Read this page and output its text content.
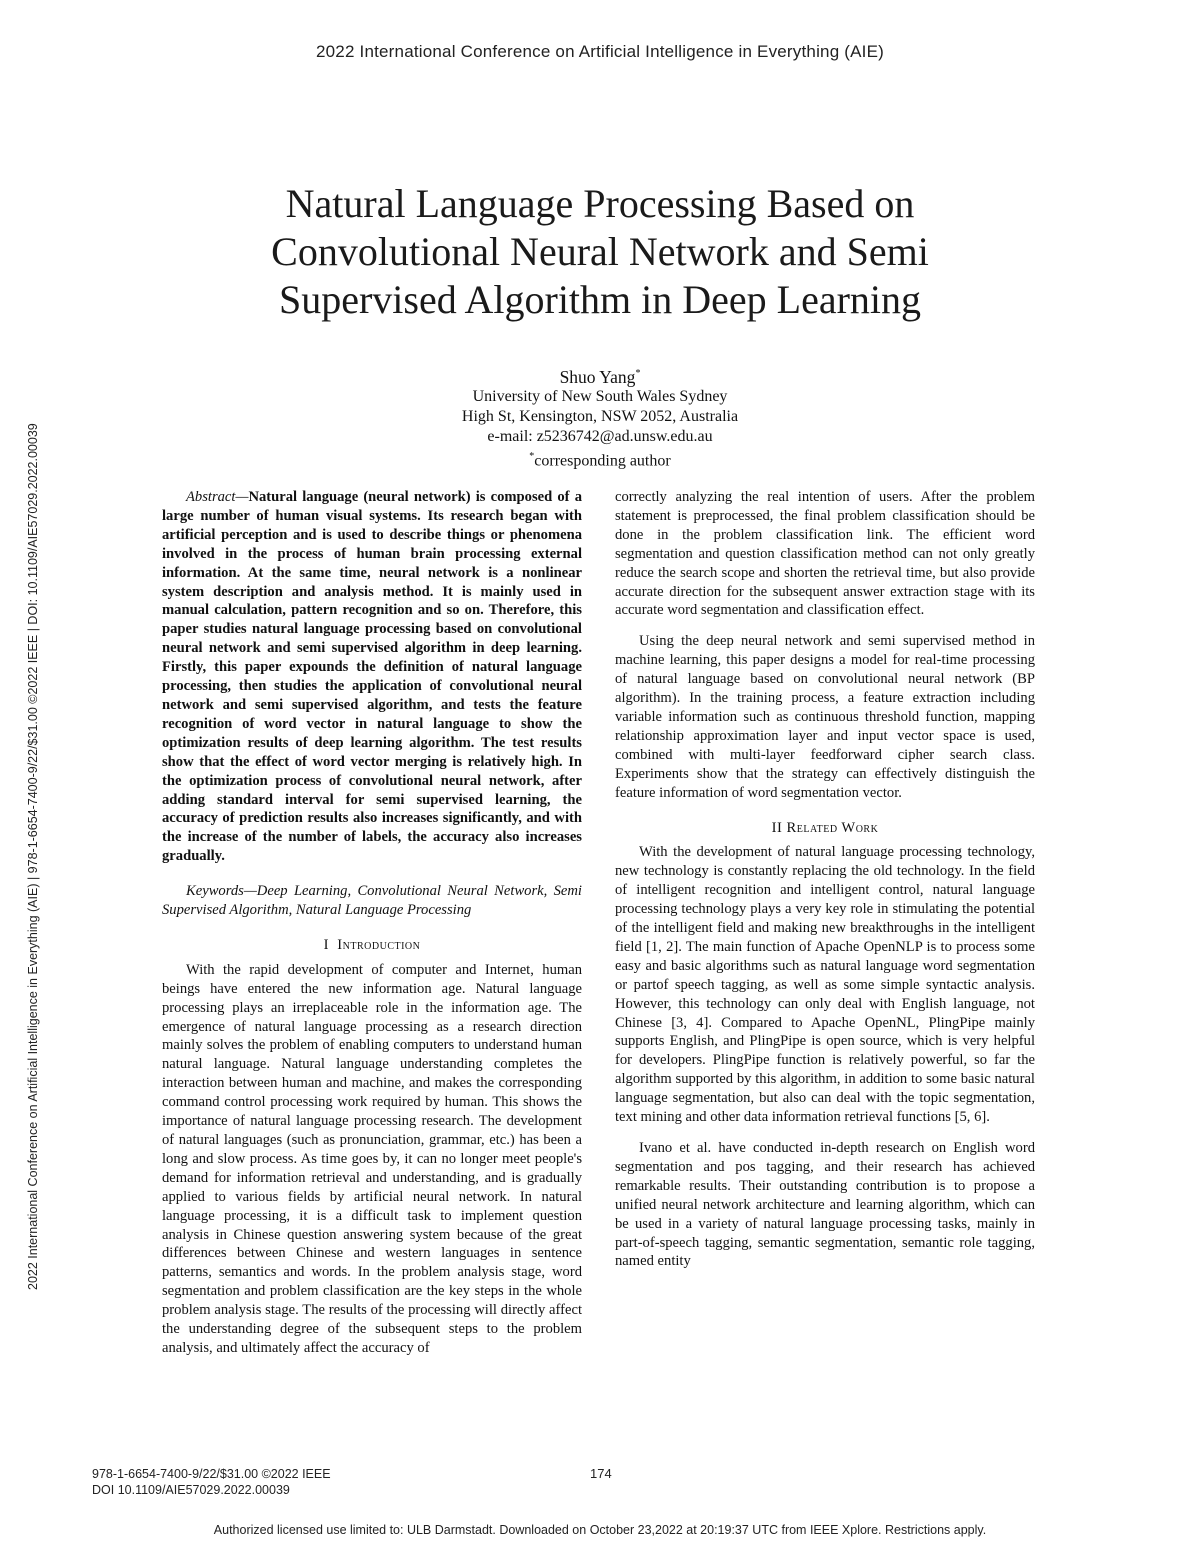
2022 International Conference on Artificial Intelligence in Everything (AIE)
2022 International Conference on Artificial Intelligence in Everything (AIE) | 978-1-6654-7400-9/22/$31.00 ©2022 IEEE | DOI: 10.1109/AIE57029.2022.00039
Natural Language Processing Based on
Convolutional Neural Network and Semi
Supervised Algorithm in Deep Learning
Shuo Yang*
University of New South Wales Sydney
High St, Kensington, NSW 2052, Australia
e-mail: z5236742@ad.unsw.edu.au
*corresponding author

Abstract—Natural language (neural network) is composed of a large number of human visual systems. Its research began with artificial perception and is used to describe things or phenomena involved in the process of human brain processing external information. At the same time, neural network is a nonlinear system description and analysis method. It is mainly used in manual calculation, pattern recognition and so on. Therefore, this paper studies natural language processing based on convolutional neural network and semi supervised algorithm in deep learning. Firstly, this paper expounds the definition of natural language processing, then studies the application of convolutional neural network and semi supervised algorithm, and tests the feature recognition of word vector in natural language to show the optimization results of deep learning algorithm. The test results show that the effect of word vector merging is relatively high. In the optimization process of convolutional neural network, after adding standard interval for semi supervised learning, the accuracy of prediction results also increases significantly, and with the increase of the number of labels, the accuracy also increases gradually.

Keywords—Deep Learning, Convolutional Neural Network, Semi Supervised Algorithm, Natural Language Processing

I Introduction

With the rapid development of computer and Internet, human beings have entered the new information age. Natural language processing plays an irreplaceable role in the information age. The emergence of natural language processing as a research direction mainly solves the problem of enabling computers to understand human natural language. Natural language understanding completes the interaction between human and machine, and makes the corresponding command control processing work required by human. This shows the importance of natural language processing research. The development of natural languages (such as pronunciation, grammar, etc.) has been a long and slow process. As time goes by, it can no longer meet people's demand for information retrieval and understanding, and is gradually applied to various fields by artificial neural network. In natural language processing, it is a difficult task to implement question analysis in Chinese question answering system because of the great differences between Chinese and western languages in sentence patterns, semantics and words. In the problem analysis stage, word segmentation and problem classification are the key steps in the whole problem analysis stage. The results of the processing will directly affect the understanding degree of the subsequent steps to the problem analysis, and ultimately affect the accuracy of

correctly analyzing the real intention of users. After the problem statement is preprocessed, the final problem classification should be done in the problem classification link. The efficient word segmentation and question classification method can not only greatly reduce the search scope and shorten the retrieval time, but also provide accurate direction for the subsequent answer extraction stage with its accurate word segmentation and classification effect.

Using the deep neural network and semi supervised method in machine learning, this paper designs a model for real-time processing of natural language based on convolutional neural network (BP algorithm). In the training process, a feature extraction including variable information such as continuous threshold function, mapping relationship approximation layer and input vector space is used, combined with multi-layer feedforward cipher search class. Experiments show that the strategy can effectively distinguish the feature information of word segmentation vector.

II Related Work

With the development of natural language processing technology, new technology is constantly replacing the old technology. In the field of intelligent recognition and intelligent control, natural language processing technology plays a very key role in stimulating the potential of the intelligent field and making new breakthroughs in the intelligent field [1, 2]. The main function of Apache OpenNLP is to process some easy and basic algorithms such as natural language word segmentation or partof speech tagging, as well as some simple syntactic analysis. However, this technology can only deal with English language, not Chinese [3, 4]. Compared to Apache OpenNL, PlingPipe mainly supports English, and PlingPipe is open source, which is very helpful for developers. PlingPipe function is relatively powerful, so far the algorithm supported by this algorithm, in addition to some basic natural language segmentation, but also can deal with the topic segmentation, text mining and other data information retrieval functions [5, 6].

Ivano et al. have conducted in-depth research on English word segmentation and pos tagging, and their research has achieved remarkable results. Their outstanding contribution is to propose a unified neural network architecture and learning algorithm, which can be used in a variety of natural language processing tasks, mainly in part-of-speech tagging, semantic segmentation, semantic role tagging, named entity

978-1-6654-7400-9/22/$31.00 ©2022 IEEE
DOI 10.1109/AIE57029.2022.00039
174
Authorized licensed use limited to: ULB Darmstadt. Downloaded on October 23,2022 at 20:19:37 UTC from IEEE Xplore. Restrictions apply.
